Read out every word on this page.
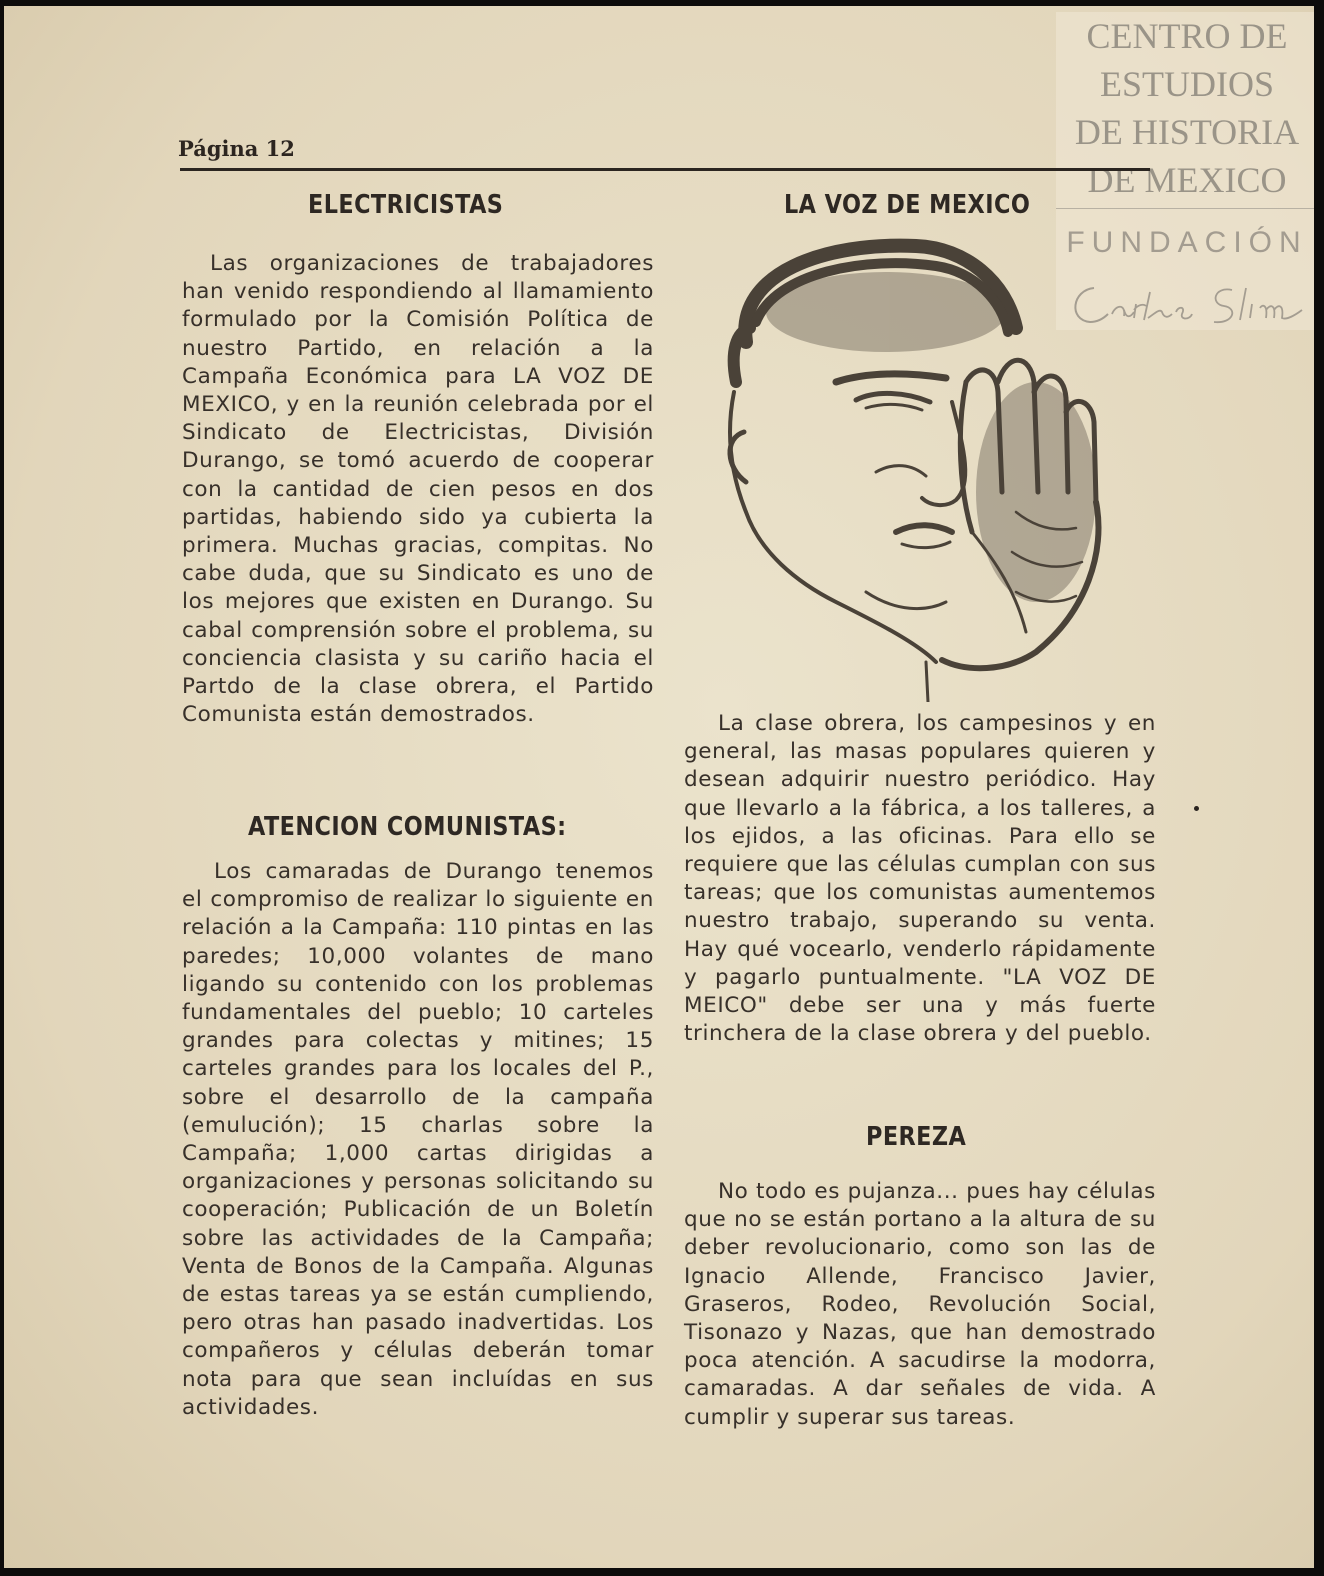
CENTRO DE
ESTUDIOS
DE HISTORIA
DE MEXICO
FUNDACIÓN
Página 12
ELECTRICISTAS

Las organizaciones de trabajadores han venido respondiendo al llamamiento formulado por la Comisión Política de nuestro Partido, en relación a la Campaña Económica para LA VOZ DE MEXICO, y en la reunión celebrada por el Sindicato de Electricistas, División Durango, se tomó acuerdo de cooperar con la cantidad de cien pesos en dos partidas, habiendo sido ya cubierta la primera. Muchas gracias, compitas. No cabe duda, que su Sindicato es uno de los mejores que existen en Durango. Su cabal comprensión sobre el problema, su conciencia clasista y su cariño hacia el Partdo de la clase obrera, el Partido Comunista están demostrados.

ATENCION COMUNISTAS:

Los camaradas de Durango tenemos el compromiso de realizar lo siguiente en relación a la Campaña: 110 pintas en las paredes; 10,000 volantes de mano ligando su contenido con los problemas fundamentales del pueblo; 10 carteles grandes para colectas y mitines; 15 carteles grandes para los locales del P., sobre el desarrollo de la campaña (emulución); 15 charlas sobre la Campaña; 1,000 cartas dirigidas a organizaciones y personas solicitando su cooperación; Publicación de un Boletín sobre las actividades de la Campaña; Venta de Bonos de la Campaña. Algunas de estas tareas ya se están cumpliendo, pero otras han pasado inadvertidas. Los compañeros y células deberán tomar nota para que sean incluídas en sus actividades.

LA VOZ DE MEXICO

La clase obrera, los campesinos y en general, las masas populares quieren y desean adquirir nuestro periódico. Hay que llevarlo a la fábrica, a los talleres, a los ejidos, a las oficinas. Para ello se requiere que las células cumplan con sus tareas; que los comunistas aumentemos nuestro trabajo, superando su venta. Hay qué vocearlo, venderlo rápidamente y pagarlo puntualmente. "LA VOZ DE MEICO" debe ser una y más fuerte trinchera de la clase obrera y del pueblo.

PEREZA

No todo es pujanza... pues hay células que no se están portano a la altura de su deber revolucionario, como son las de Ignacio Allende, Francisco Javier, Graseros, Rodeo, Revolución Social, Tisonazo y Nazas, que han demostrado poca atención. A sacudirse la modorra, camaradas. A dar señales de vida. A cumplir y superar sus tareas.
